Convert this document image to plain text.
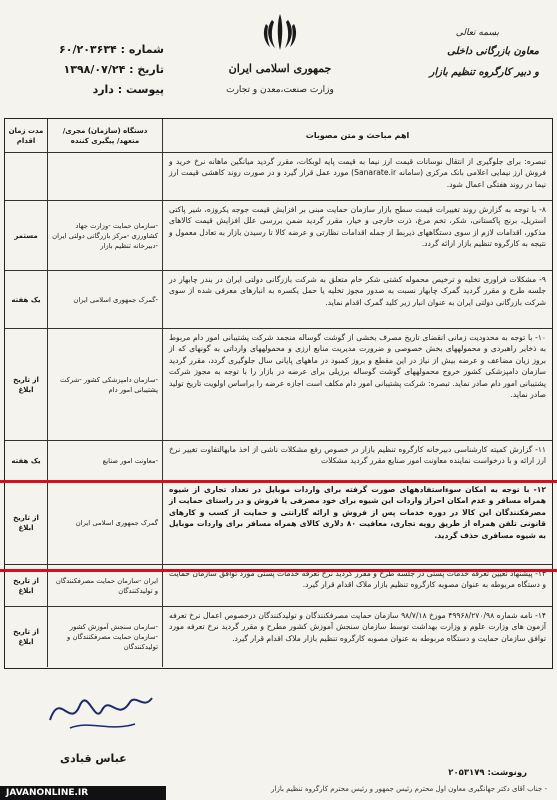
شماره : ۶۰/۲۰۳۶۳۴
تاریخ : ۱۳۹۸/۰۷/۲۴
پیوست : دارد
جمهوری اسلامی ایران
وزارت صنعت،معدن و تجارت
بسمه تعالی
معاون بازرگانی داخلی
و دبیر کارگروه تنظیم بازار
اهم مباحث و متن مصوبات
دستگاه (سازمان) مجری/ متعهد/ پیگیری کننده
مدت زمان اقدام
تبصره: برای جلوگیری از انتقال نوسانات قیمت ارز نیما به قیمت پایه لوبکات، مقرر گردید میانگین ماهانه نرخ خرید و فروش ارز نیمایی اعلامی بانک مرکزی (سامانه Sanarate.ir) مورد عمل قرار گیرد و در صورت روند کاهشی قیمت ارز نیما در روند هفتگی اعمال شود.
۸- با توجه به گزارش روند تغییرات قیمت سطح بازار سازمان حمایت مبنی بر افزایش قیمت جوجه یکروزه، شیر پاکتی استریل، برنج پاکستانی، شکر، تخم مرغ، ذرت خارجی و خیار، مقرر گردید ضمن بررسی علل افزایش قیمت کالاهای مذکور، اقدامات لازم از سوی دستگاههای ذیربط از جمله اقدامات نظارتی و عرضه کالا تا رسیدن بازار به تعادل معمول و نتیجه به کارگروه تنظیم بازار ارائه گردد.
-سازمان حمایت -وزارت جهاد کشاورزی -مرکز بازرگانی دولتی ایران -دبیرخانه تنظیم بازار
مستمر
۹- مشکلات فراوری تخلیه و ترخیص محموله کشتی شکر خام متعلق به شرکت بازرگانی دولتی ایران در بندر چابهار در جلسه طرح و مقرر گردید گمرک چابهار نسبت به صدور مجوز تخلیه یا حمل یکسره به انبارهای معرفی شده از سوی شرکت بازرگانی دولتی ایران به عنوان انبار زیر کلید گمرک اقدام نماید.
-گمرک جمهوری اسلامی ایران
یک هفته
۱۰- با توجه به محدودیت زمانی انقضای تاریخ مصرف بخشی از گوشت گوساله منجمد شرکت پشتیبانی امور دام مربوط به ذخایر راهبردی و محمولههای بخش خصوصی و ضرورت مدیریت منابع ارزی و محمولههای وارداتی به گونهای که از بروز زیان مضاعف و عرضه بیش از نیاز در این مقطع و بروز کمبود در ماههای پایانی سال جلوگیری گردد، مقرر گردید سازمان دامپزشکی کشور خروج محمولههای گوشت گوساله برزیلی برای عرضه در بازار را با توجه به مجوز شرکت پشتیبانی امور دام صادر نماید. تبصره: شرکت پشتیبانی امور دام مکلف است اجازه عرضه را براساس اولویت تاریخ تولید صادر نماید.
-سازمان دامپزشکی کشور -شرکت پشتیبانی امور دام
از تاریخ ابلاغ
۱۱- گزارش کمیته کارشناسی دبیرخانه کارگروه تنظیم بازار در خصوص رفع مشکلات ناشی از اخذ مابهالتفاوت تغییر نرخ ارز ارائه و با درخواست نماینده معاونت امور صنایع مقرر گردید مشکلات
-معاونت امور صنایع
یک هفته
۱۲- با توجه به امکان سوءاستفادههای صورت گرفته برای واردات موبایل در تعداد تجاری از شیوه همراه مسافر و عدم امکان احراز واردات این شیوه برای خود مصرفی یا فروش و در راستای حمایت از مصرفکنندگان این کالا در دوره خدمات پس از فروش و ارائه گارانتی و حمایت از کسب و کارهای قانونی تلفن همراه از طریق رویه تجاری، معافیت ۸۰ دلاری کالای همراه مسافر برای واردات موبایل به شیوه مسافری حذف گردید.
گمرک جمهوری اسلامی ایران
از تاریخ ابلاغ
۱۳- پیشنهاد تعیین تعرفه خدمات پستی در جلسه طرح و مقرر گردید نرخ تعرفه خدمات پستی مورد توافق سازمان حمایت و دستگاه مربوطه به عنوان مصوبه کارگروه تنظیم بازار ملاک اقدام قرار گیرد.
ایران -سازمان حمایت مصرفکنندگان و تولیدکنندگان
از تاریخ ابلاغ
۱۴- نامه شماره ۴۹۹۶۸/۲۷۰/۹۸ مورخ ۹۸/۷/۱۸ سازمان حمایت مصرفکنندگان و تولیدکنندگان درخصوص اعمال نرخ تعرفه آزمون های وزارت علوم و وزارت بهداشت توسط سازمان سنجش آموزش کشور مطرح و مقرر گردید نرخ تعرفه مورد توافق سازمان حمایت و دستگاه مربوطه به عنوان مصوبه کارگروه تنظیم بازار ملاک اقدام قرار گیرد.
-سازمان سنجش آموزش کشور -سازمان حمایت مصرفکنندگان و تولیدکنندگان
از تاریخ ابلاغ
عباس قبادی
رونوشت: ۲۰۵۳۱۷۹
- جناب آقای دکتر جهانگیری معاون اول محترم رئیس جمهور و رئیس محترم کارگروه تنظیم بازار
JAVANONLINE.IR
